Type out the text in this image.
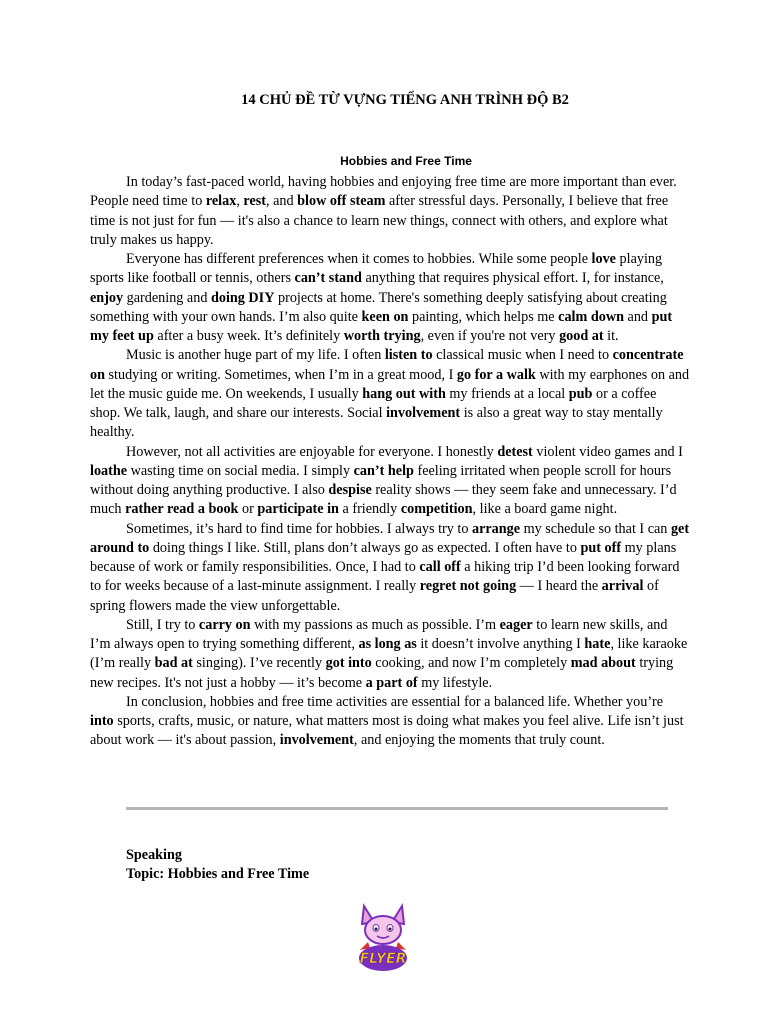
14 CHỦ ĐỀ TỪ VỰNG TIẾNG ANH TRÌNH ĐỘ B2
Hobbies and Free Time

In today’s fast-paced world, having hobbies and enjoying free time are more important than ever. People need time to relax, rest, and blow off steam after stressful days. Personally, I believe that free time is not just for fun — it's also a chance to learn new things, connect with others, and explore what truly makes us happy.

Everyone has different preferences when it comes to hobbies. While some people love playing sports like football or tennis, others can’t stand anything that requires physical effort. I, for instance, enjoy gardening and doing DIY projects at home. There's something deeply satisfying about creating something with your own hands. I’m also quite keen on painting, which helps me calm down and put my feet up after a busy week. It’s definitely worth trying, even if you're not very good at it.

Music is another huge part of my life. I often listen to classical music when I need to concentrate on studying or writing. Sometimes, when I’m in a great mood, I go for a walk with my earphones on and let the music guide me. On weekends, I usually hang out with my friends at a local pub or a coffee shop. We talk, laugh, and share our interests. Social involvement is also a great way to stay mentally healthy.

However, not all activities are enjoyable for everyone. I honestly detest violent video games and I loathe wasting time on social media. I simply can’t help feeling irritated when people scroll for hours without doing anything productive. I also despise reality shows — they seem fake and unnecessary. I’d much rather read a book or participate in a friendly competition, like a board game night.

Sometimes, it’s hard to find time for hobbies. I always try to arrange my schedule so that I can get around to doing things I like. Still, plans don’t always go as expected. I often have to put off my plans because of work or family responsibilities. Once, I had to call off a hiking trip I’d been looking forward to for weeks because of a last-minute assignment. I really regret not going — I heard the arrival of spring flowers made the view unforgettable.

Still, I try to carry on with my passions as much as possible. I’m eager to learn new skills, and I’m always open to trying something different, as long as it doesn’t involve anything I hate, like karaoke (I’m really bad at singing). I’ve recently got into cooking, and now I’m completely mad about trying new recipes. It's not just a hobby — it’s become a part of my lifestyle.

In conclusion, hobbies and free time activities are essential for a balanced life. Whether you’re into sports, crafts, music, or nature, what matters most is doing what makes you feel alive. Life isn’t just about work — it's about passion, involvement, and enjoying the moments that truly count.

Speaking
Topic: Hobbies and Free Time
FLYER
